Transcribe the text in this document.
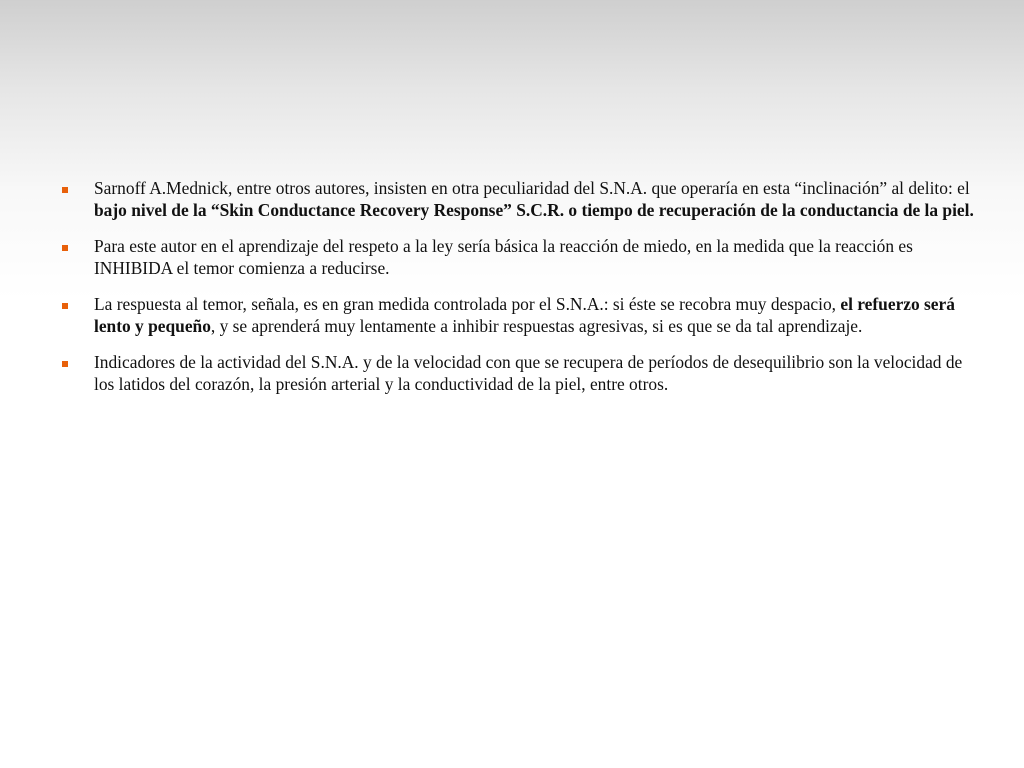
Sarnoff A.Mednick, entre otros autores, insisten en otra peculiaridad del S.N.A. que operaría en esta “inclinación” al delito: el bajo nivel de la “Skin Conductance Recovery Response” S.C.R. o tiempo de recuperación de la conductancia de la piel.
Para este autor en el aprendizaje del respeto a la ley sería básica la reacción de miedo, en la medida que la reacción es INHIBIDA el temor comienza a reducirse.
La respuesta al temor, señala, es en gran medida controlada por el S.N.A.: si éste se recobra muy despacio, el refuerzo será lento y pequeño, y se aprenderá muy lentamente a inhibir respuestas agresivas, si es que se da tal aprendizaje.
Indicadores de la actividad del S.N.A. y de la velocidad con que se recupera de períodos de desequilibrio son la velocidad de los latidos del corazón, la presión arterial y la conductividad de la piel, entre otros.
